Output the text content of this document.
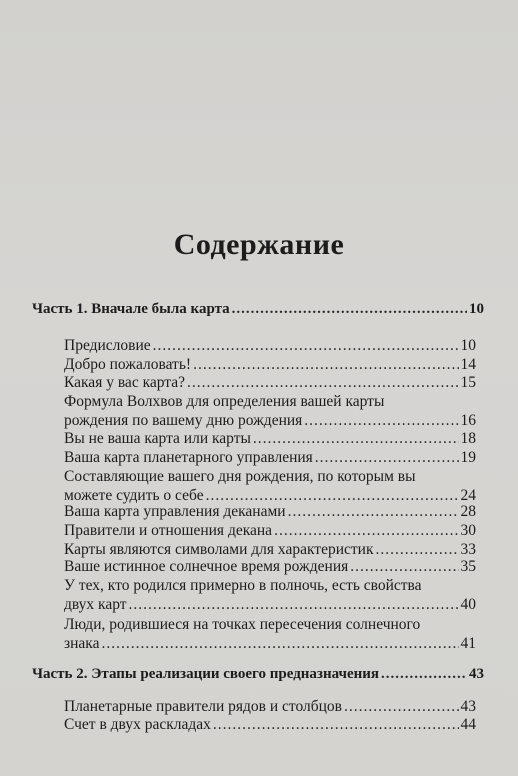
Содержание
Часть 1. Вначале была карта .....	10
Предисловие .....	10
Добро пожаловать! .....	14
Какая у вас карта? .....	15
Формула Волхвов для определения вашей карты
рождения по вашему дню рождения .....	16
Вы не ваша карта или карты .....	18
Ваша карта планетарного управления .....	19
Составляющие вашего дня рождения, по которым вы
можете судить о себе .....	24
Ваша карта управления деканами .....	28
Правители и отношения декана .....	30
Карты являются символами для характеристик .....	33
Ваше истинное солнечное время рождения .....	35
У тех, кто родился примерно в полночь, есть свойства
двух карт .....	40
Люди, родившиеся на точках пересечения солнечного
знака .....	41
Часть 2. Этапы реализации своего предназначения .....	43
Планетарные правители рядов и столбцов .....	43
Счет в двух раскладах .....	44
